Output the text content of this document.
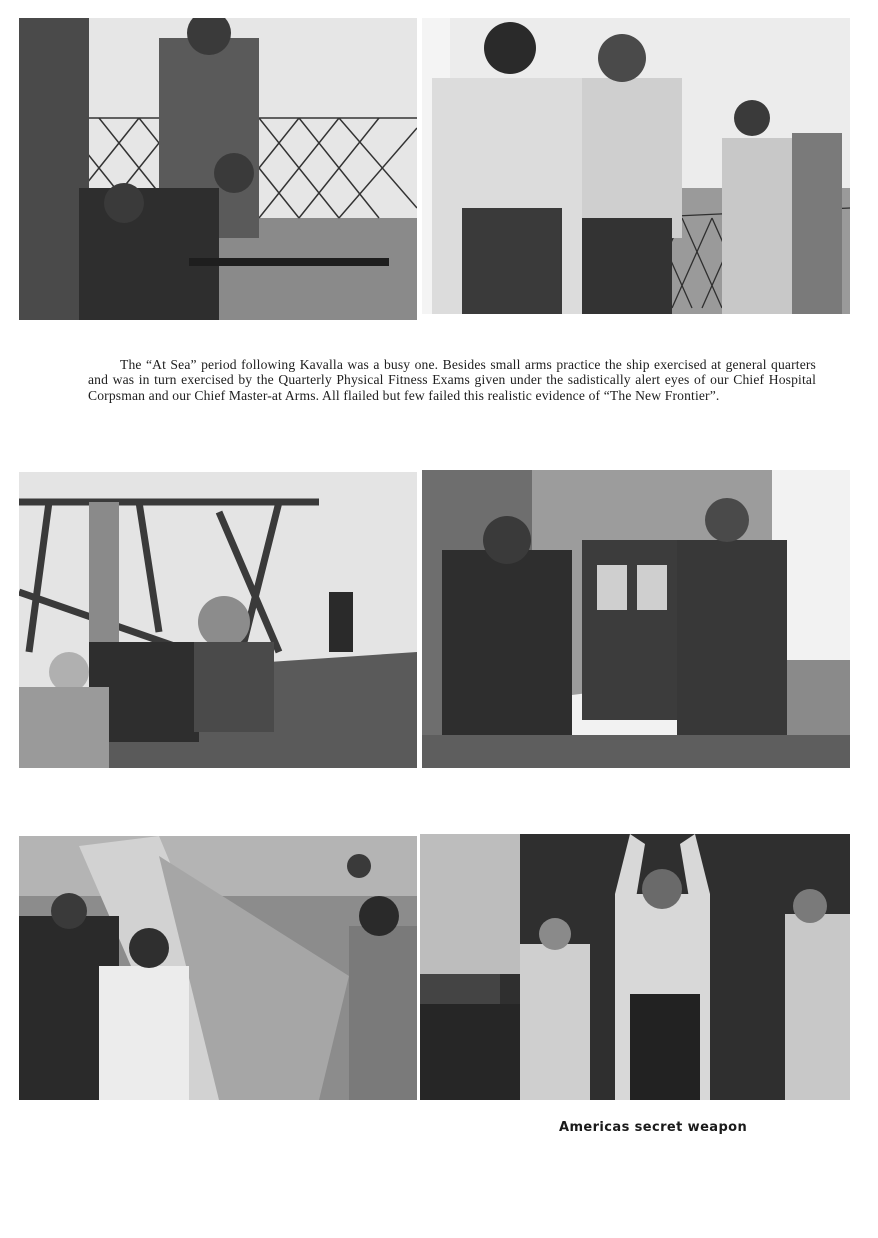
The “At Sea” period following Kavalla was a busy one. Besides small arms practice the ship exercised at general quarters and was in turn exercised by the Quarterly Physical Fitness Exams given under the sadistically alert eyes of our Chief Hospital Corpsman and our Chief Master-at Arms. All flailed but few failed this realistic evidence of “The New Frontier”.

Americas secret weapon
